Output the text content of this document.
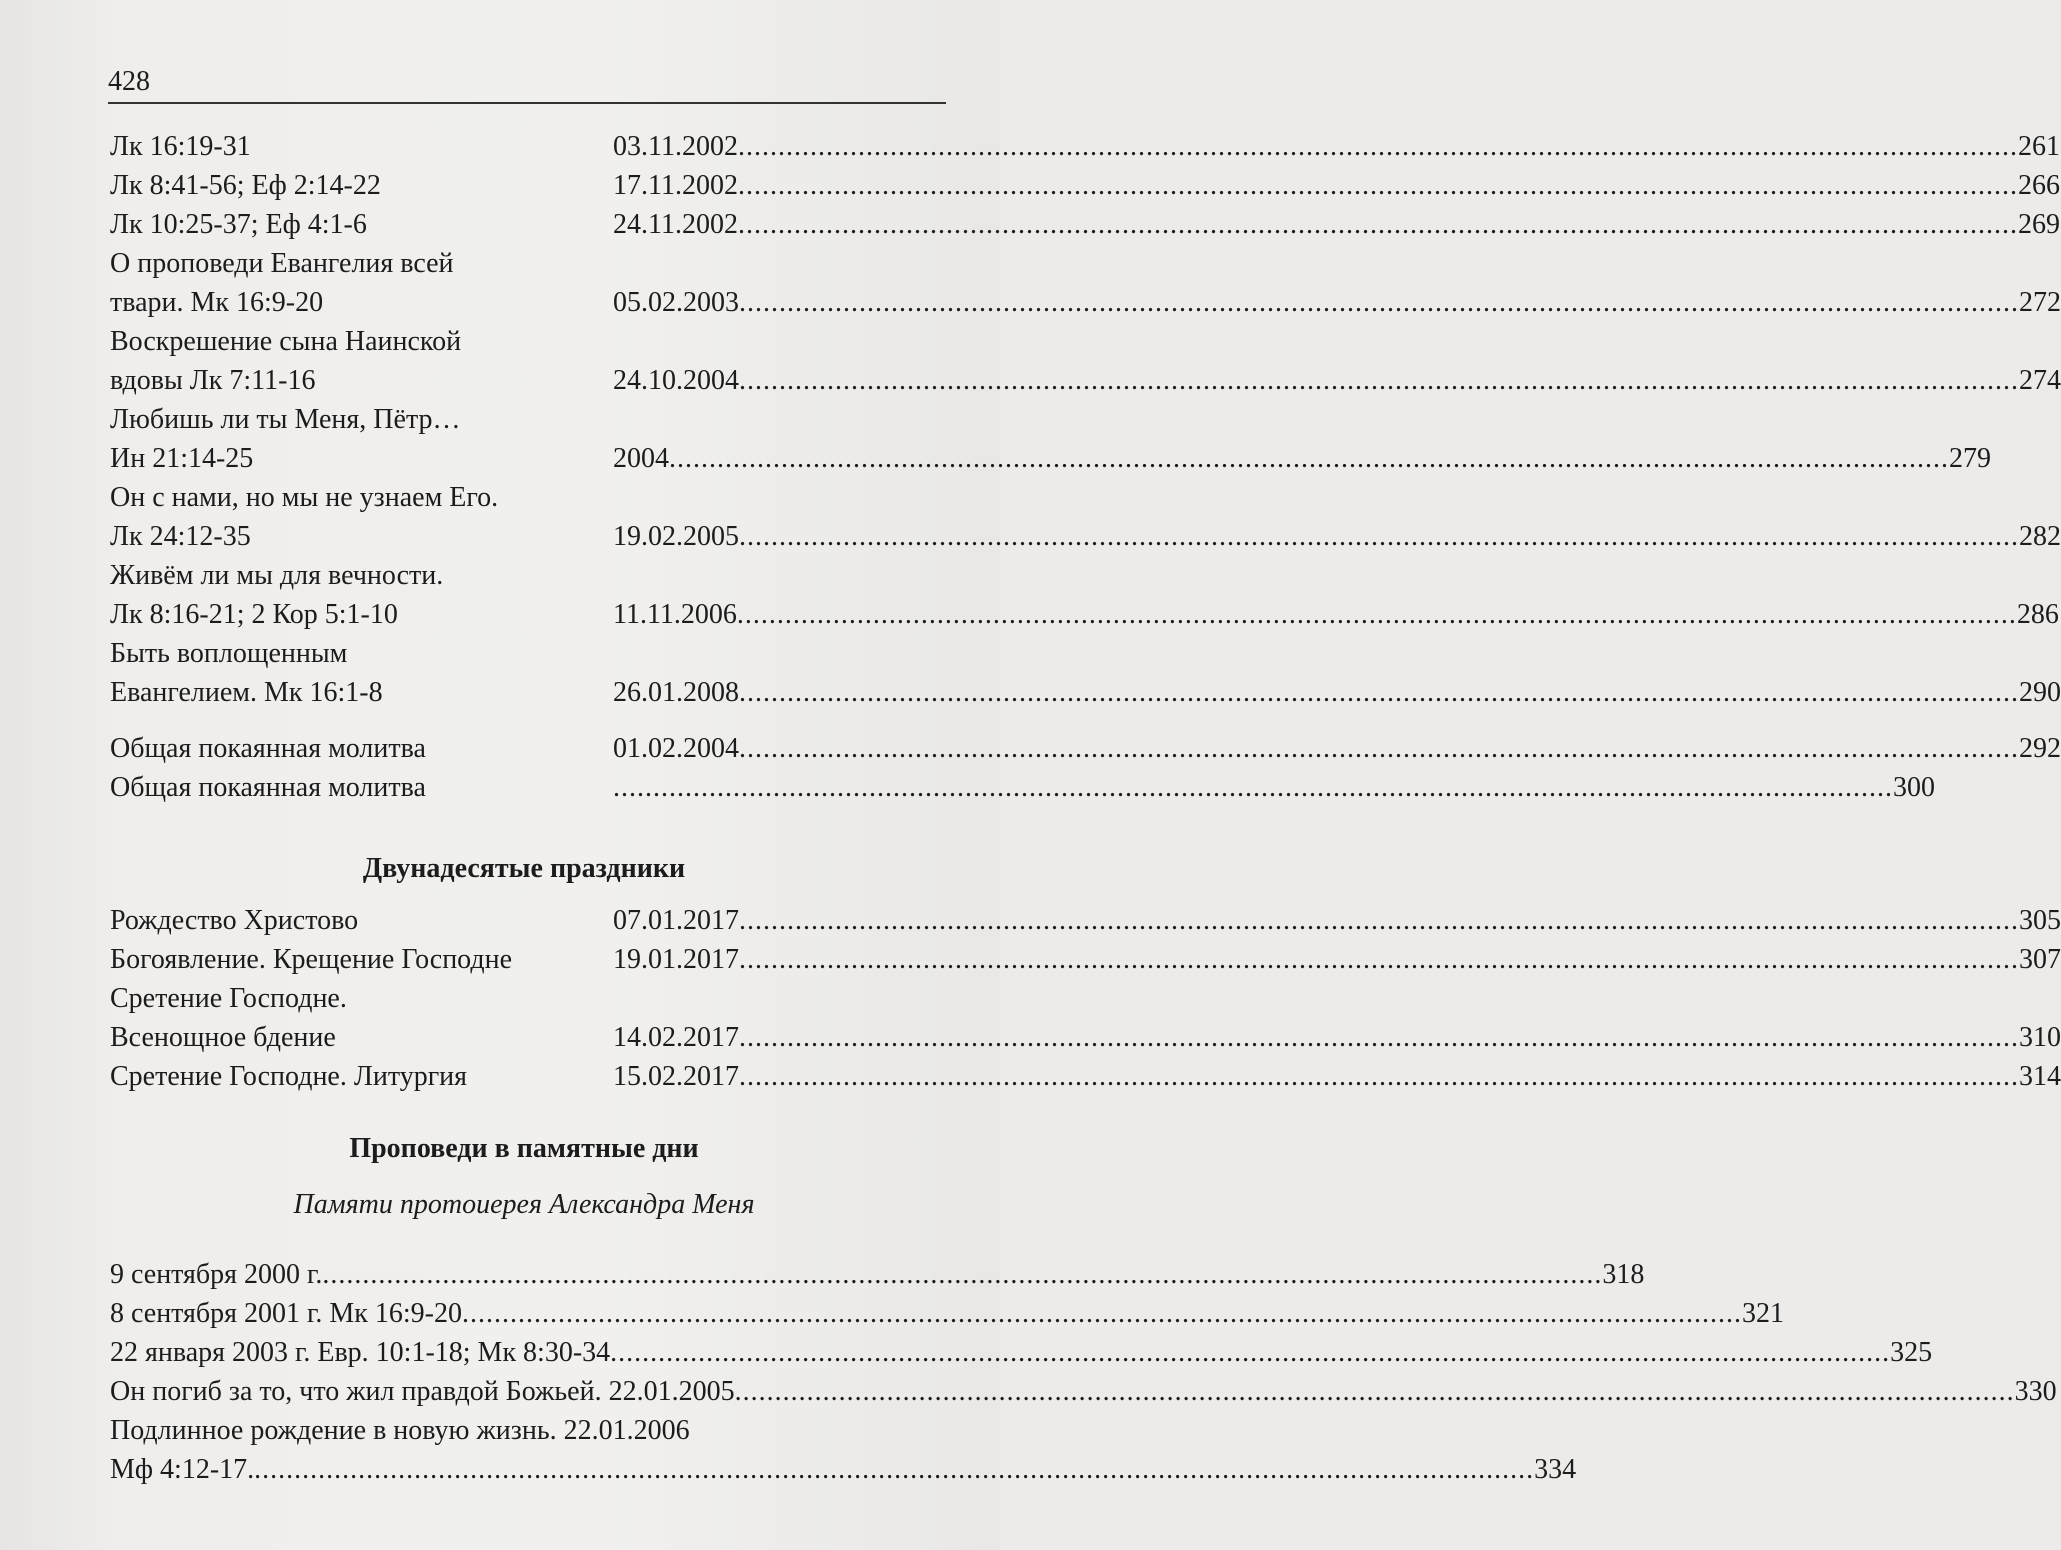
428
Двунадесятые праздники
Проповеди в памятные дни
Памяти протоиерея Александра Меня
Лк 16:19-31	03.11.2002 ................................................................................................................................................................ 261
Лк 8:41-56; Еф 2:14-22	17.11.2002 ................................................................................................................................................................ 266
Лк 10:25-37; Еф 4:1-6	24.11.2002 ................................................................................................................................................................ 269
О проповеди Евангелия всей
твари. Мк 16:9-20	05.02.2003 ................................................................................................................................................................ 272
Воскрешение сына Наинской
вдовы Лк 7:11-16	24.10.2004 ................................................................................................................................................................ 274
Любишь ли ты Меня, Пётр…
Ин 21:14-25	2004 ................................................................................................................................................................ 279
Он с нами, но мы не узнаем Его.
Лк 24:12-35	19.02.2005 ................................................................................................................................................................ 282
Живём ли мы для вечности.
Лк 8:16-21; 2 Кор 5:1-10	11.11.2006 ................................................................................................................................................................ 286
Быть воплощенным
Евангелием. Мк 16:1-8	26.01.2008 ................................................................................................................................................................ 290
Общая покаянная молитва	01.02.2004 ................................................................................................................................................................ 292
Общая покаянная молитва	................................................................................................................................................................ 300
Рождество Христово	07.01.2017 ................................................................................................................................................................ 305
Богоявление. Крещение Господне	19.01.2017 ................................................................................................................................................................ 307
Сретение Господне.
Всенощное бдение	14.02.2017 ................................................................................................................................................................ 310
Сретение Господне. Литургия	15.02.2017 ................................................................................................................................................................ 314
9 сентября 2000 г. ................................................................................................................................................................ 318
8 сентября 2001 г. Мк 16:9-20 ................................................................................................................................................................ 321
22 января 2003 г. Евр. 10:1-18; Мк 8:30-34 ................................................................................................................................................................ 325
Он погиб за то, что жил правдой Божьей. 22.01.2005 ................................................................................................................................................................ 330
Подлинное рождение в новую жизнь. 22.01.2006
Мф 4:12-17. ................................................................................................................................................................ 334
